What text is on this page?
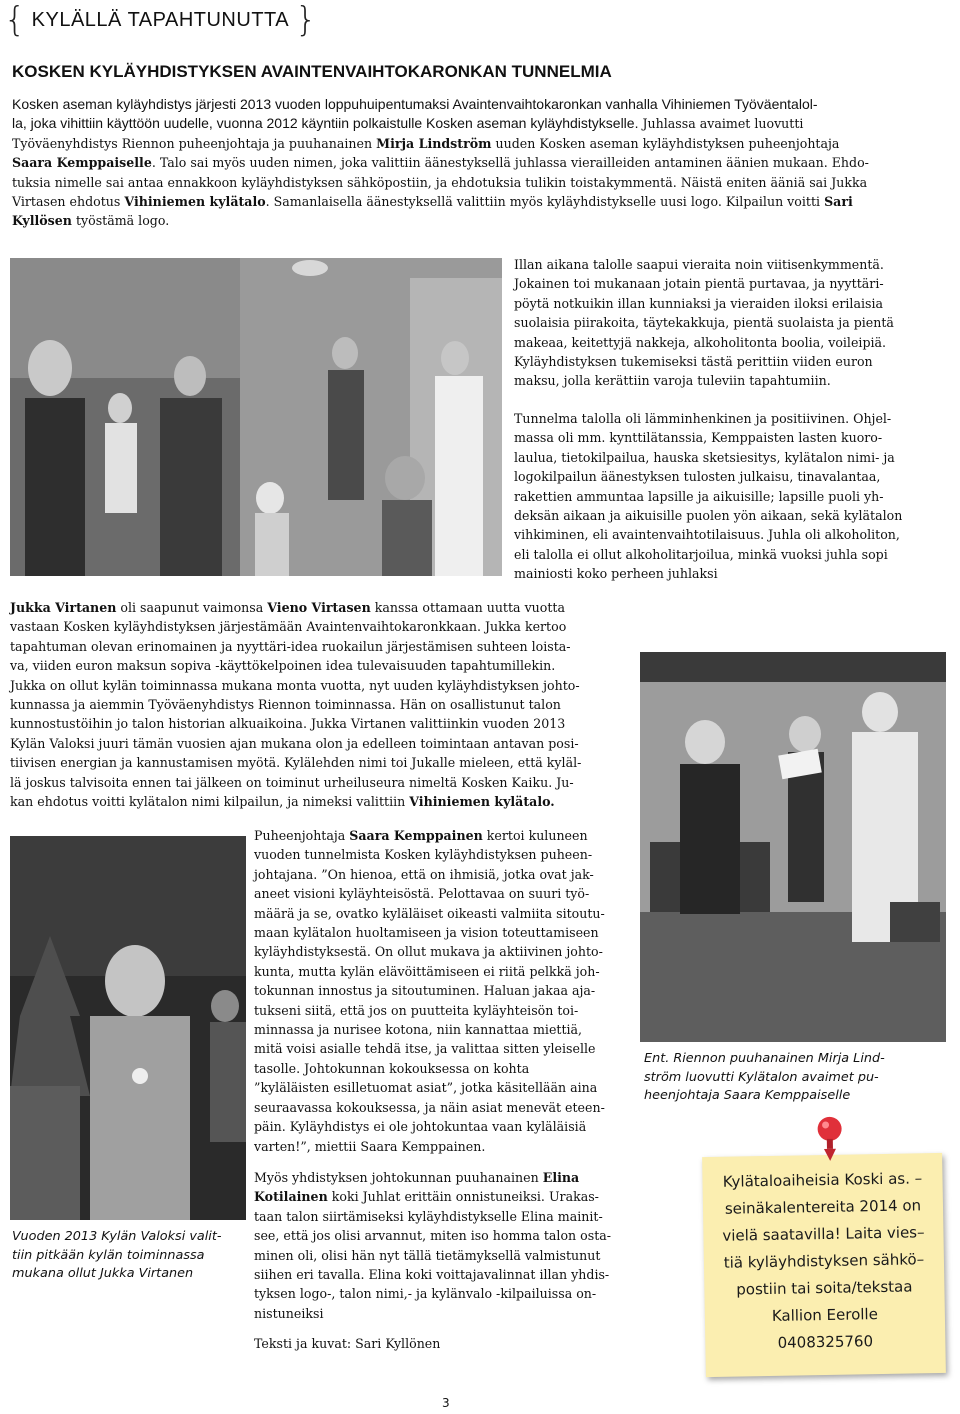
{ KYLÄLLÄ TAPAHTUNUTTA }
KOSKEN KYLÄYHDISTYKSEN AVAINTENVAIHTOKARONKAN TUNNELMIA
Kosken aseman kyläyhdistys järjesti 2013 vuoden loppuhuipentumaksi Avaintenvaihtokaronkan vanhalla Vihiniemen Työväentalol-
la, joka vihittiin käyttöön uudelle, vuonna 2012 käyntiin polkaistulle Kosken aseman kyläyhdistykselle. Juhlassa avaimet luovutti
Työväenyhdistys Riennon puheenjohtaja ja puuhanainen Mirja Lindström uuden Kosken aseman kyläyhdistyksen puheenjohtaja
Saara Kemppaiselle. Talo sai myös uuden nimen, joka valittiin äänestyksellä juhlassa vierailleiden antaminen äänien mukaan. Ehdo-
tuksia nimelle sai antaa ennakkoon kyläyhdistyksen sähköpostiin, ja ehdotuksia tulikin toistakymmentä. Näistä eniten ääniä sai Jukka
Virtasen ehdotus Vihiniemen kylätalo. Samanlaisella äänestyksellä valittiin myös kyläyhdistykselle uusi logo. Kilpailun voitti Sari
Kyllösen työstämä logo.
Illan aikana talolle saapui vieraita noin viitisenkymmentä.
Jokainen toi mukanaan jotain pientä purtavaa, ja nyyttäri-
pöytä notkuikin illan kunniaksi ja vieraiden iloksi erilaisia
suolaisia piirakoita, täytekakkuja, pientä suolaista ja pientä
makeaa, keitettyjä nakkeja, alkoholitonta boolia, voileipiä.
Kyläyhdistyksen tukemiseksi tästä perittiin viiden euron
maksu, jolla kerättiin varoja tuleviin tapahtumiin.
Tunnelma talolla oli lämminhenkinen ja positiivinen. Ohjel-
massa oli mm. kynttilätanssia, Kemppaisten lasten kuoro-
laulua, tietokilpailua, hauska sketsiesitys, kylätalon nimi- ja
logokilpailun äänestyksen tulosten julkaisu, tinavalantaa,
rakettien ammuntaa lapsille ja aikuisille; lapsille puoli yh-
deksän aikaan ja aikuisille puolen yön aikaan, sekä kylätalon
vihkiminen, eli avaintenvaihtotilaisuus. Juhla oli alkoholiton,
eli talolla ei ollut alkoholitarjoilua, minkä vuoksi juhla sopi
mainiosti koko perheen juhlaksi
Jukka Virtanen oli saapunut vaimonsa Vieno Virtasen kanssa ottamaan uutta vuotta
vastaan Kosken kyläyhdistyksen järjestämään Avaintenvaihtokaronkkaan. Jukka kertoo
tapahtuman olevan erinomainen ja nyyttäri-idea ruokailun järjestämisen suhteen loista-
va, viiden euron maksun sopiva -käyttökelpoinen idea tulevaisuuden tapahtumillekin.
Jukka on ollut kylän toiminnassa mukana monta vuotta, nyt uuden kyläyhdistyksen johto-
kunnassa ja aiemmin Työväenyhdistys Riennon toiminnassa. Hän on osallistunut talon
kunnostustöihin jo talon historian alkuaikoina. Jukka Virtanen valittiinkin vuoden 2013
Kylän Valoksi juuri tämän vuosien ajan mukana olon ja edelleen toimintaan antavan posi-
tiivisen energian ja kannustamisen myötä. Kylälehden nimi toi Jukalle mieleen, että kyläl-
lä joskus talvisoita ennen tai jälkeen on toiminut urheiluseura nimeltä Kosken Kaiku. Ju-
kan ehdotus voitti kylätalon nimi kilpailun, ja nimeksi valittiin Vihiniemen kylätalo.
Puheenjohtaja Saara Kemppainen kertoi kuluneen
vuoden tunnelmista Kosken kyläyhdistyksen puheen-
johtajana. ”On hienoa, että on ihmisiä, jotka ovat jak-
aneet visioni kyläyhteisöstä. Pelottavaa on suuri työ-
määrä ja se, ovatko kyläläiset oikeasti valmiita sitoutu-
maan kylätalon huoltamiseen ja vision toteuttamiseen
kyläyhdistyksestä. On ollut mukava ja aktiivinen johto-
kunta, mutta kylän elävöittämiseen ei riitä pelkkä joh-
tokunnan innostus ja sitoutuminen. Haluan jakaa aja-
tukseni siitä, että jos on puutteita kyläyhteisön toi-
minnassa ja nurisee kotona, niin kannattaa miettiä,
mitä voisi asialle tehdä itse, ja valittaa sitten yleiselle
tasolle. Johtokunnan kokouksessa on kohta
”kyläläisten esilletuomat asiat”, jotka käsitellään aina
seuraavassa kokouksessa, ja näin asiat menevät eteen-
päin. Kyläyhdistys ei ole johtokuntaa vaan kyläläisiä
varten!”, miettii Saara Kemppainen.
Ent. Riennon puuhanainen Mirja Lind-
ström luovutti Kylätalon avaimet pu-
heenjohtaja Saara Kemppaiselle
Myös yhdistyksen johtokunnan puuhanainen Elina
Kotilainen koki Juhlat erittäin onnistuneiksi. Urakas-
taan talon siirtämiseksi kyläyhdistykselle Elina mainit-
see, että jos olisi arvannut, miten iso homma talon osta-
minen oli, olisi hän nyt tällä tietämyksellä valmistunut
siihen eri tavalla. Elina koki voittajavalinnat illan yhdis-
tyksen logo-, talon nimi,- ja kylänvalo -kilpailuissa on-
nistuneiksi
Teksti ja kuvat: Sari Kyllönen
Vuoden 2013 Kylän Valoksi valit-
tiin pitkään kylän toiminnassa
mukana ollut Jukka Virtanen
Kylätaloaiheisia Koski as. –
seinäkalentereita 2014 on
vielä saatavilla! Laita vies–
tiä kyläyhdistyksen sähkö–
postiin tai soita/tekstaa
Kallion Eerolle
0408325760
3
